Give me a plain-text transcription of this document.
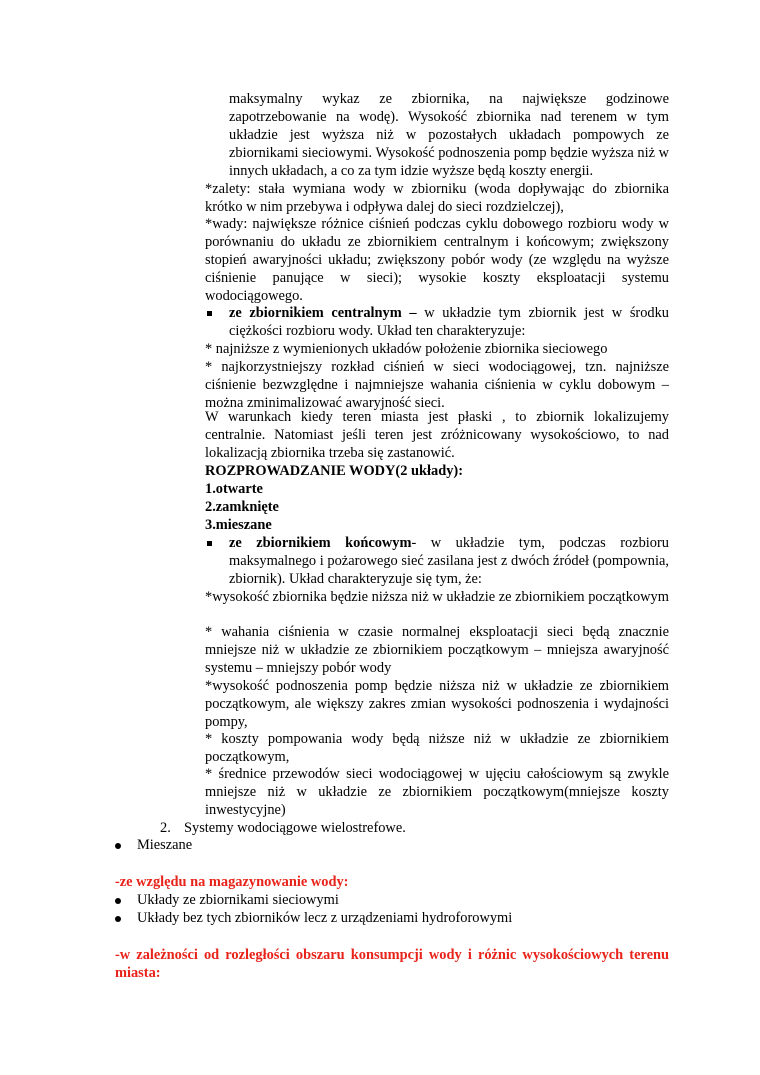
maksymalny wykaz ze zbiornika, na największe godzinowe zapotrzebowanie na wodę). Wysokość zbiornika nad terenem w tym układzie jest wyższa niż w pozostałych układach pompowych ze zbiornikami sieciowymi. Wysokość podnoszenia pomp będzie wyższa niż w innych układach, a co za tym idzie wyższe będą koszty energii.

*zalety: stała wymiana wody w zbiorniku (woda dopływając do zbiornika krótko w nim przebywa i odpływa dalej do sieci rozdzielczej),

*wady: największe różnice ciśnień podczas cyklu dobowego rozbioru wody w porównaniu do układu ze zbiornikiem centralnym i końcowym; zwiększony stopień awaryjności układu; zwiększony pobór wody (ze względu na wyższe ciśnienie panujące w sieci); wysokie koszty eksploatacji systemu wodociągowego.

ze zbiornikiem centralnym – w układzie tym zbiornik jest w środku ciężkości rozbioru wody. Układ ten charakteryzuje:

* najniższe z wymienionych układów położenie zbiornika sieciowego

* najkorzystniejszy rozkład ciśnień w sieci wodociągowej, tzn. najniższe ciśnienie bezwzględne i najmniejsze wahania ciśnienia w cyklu dobowym – można zminimalizować awaryjność sieci.

W warunkach kiedy teren miasta jest płaski , to zbiornik lokalizujemy centralnie. Natomiast jeśli teren jest zróżnicowany wysokościowo, to nad lokalizacją zbiornika trzeba się zastanowić.

ROZPROWADZANIE WODY(2 układy):

1.otwarte

2.zamknięte

3.mieszane

ze zbiornikiem końcowym- w układzie tym, podczas rozbioru maksymalnego i pożarowego sieć zasilana jest z dwóch źródeł (pompownia, zbiornik). Układ charakteryzuje się tym, że:

*wysokość zbiornika będzie niższa niż w układzie ze zbiornikiem początkowym

* wahania ciśnienia w czasie normalnej eksploatacji sieci będą znacznie mniejsze niż w układzie ze zbiornikiem początkowym – mniejsza awaryjność systemu – mniejszy pobór wody

*wysokość podnoszenia pomp będzie niższa niż w układzie ze zbiornikiem początkowym, ale większy zakres zmian wysokości podnoszenia i wydajności pompy,

* koszty pompowania wody będą niższe niż w układzie ze zbiornikiem początkowym,

* średnice przewodów sieci wodociągowej w ujęciu całościowym są zwykle mniejsze niż w układzie ze zbiornikiem początkowym(mniejsze koszty inwestycyjne)

2. Systemy wodociągowe wielostrefowe.
Mieszane

-ze względu na magazynowanie wody:

Układy ze zbiornikami sieciowymi
Układy bez tych zbiorników lecz z urządzeniami hydroforowymi

-w zależności od rozległości obszaru konsumpcji wody i różnic wysokościowych terenu miasta:
